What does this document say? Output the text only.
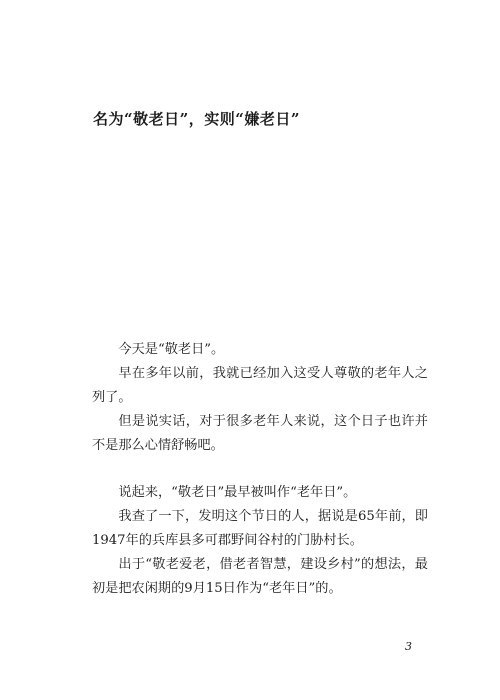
名为“敬老日”，实则“嫌老日”

今天是“敬老日”。

早在多年以前，我就已经加入这受人尊敬的老年人之列了。

但是说实话，对于很多老年人来说，这个日子也许并不是那么心情舒畅吧。

说起来，“敬老日”最早被叫作“老年日”。

我查了一下，发明这个节日的人，据说是65年前，即1947年的兵库县多可郡野间谷村的门胁村长。

出于“敬老爱老，借老者智慧，建设乡村”的想法，最初是把农闲期的9月15日作为“老年日”的。

3
